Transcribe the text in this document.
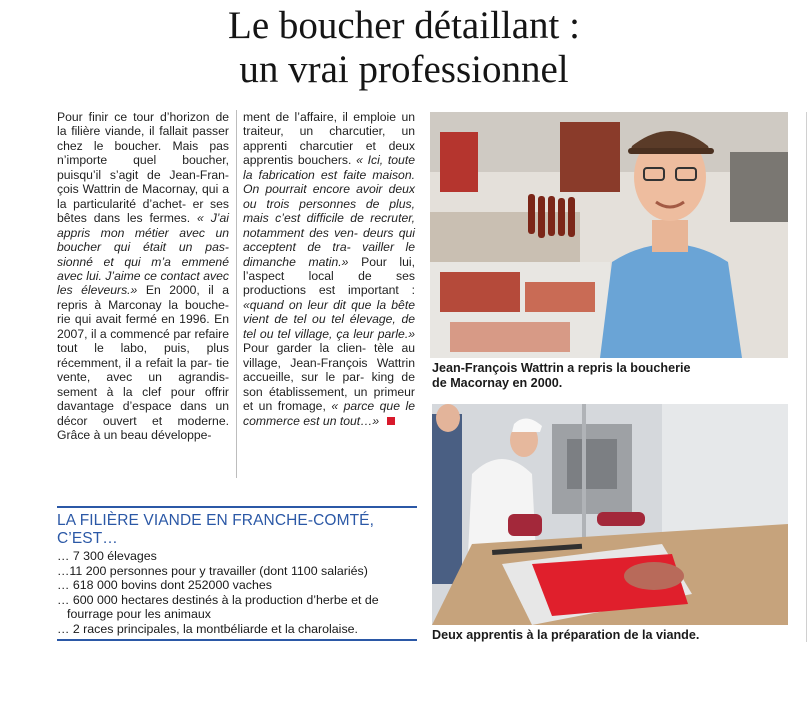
Le boucher détaillant :
un vrai professionnel

Pour finir ce tour d’horizon de la filière viande, il fallait passer chez le boucher. Mais pas n’importe quel boucher, puisqu’il s’agit de Jean-Fran- çois Wattrin de Macornay, qui a la particularité d’achet- er ses bêtes dans les fermes. « J’ai appris mon métier avec un boucher qui était un pas- sionné et qui m’a emmené avec lui. J’aime ce contact avec les éleveurs.» En 2000, il a repris à Marconay la bouche- rie qui avait fermé en 1996. En 2007, il a commencé par refaire tout le labo, puis, plus récemment, il a refait la par- tie vente, avec un agrandis- sement à la clef pour offrir davantage d’espace dans un décor ouvert et moderne. Grâce à un beau développe-

ment de l’affaire, il emploie un traiteur, un charcutier, un apprenti charcutier et deux apprentis bouchers. « Ici, toute la fabrication est faite maison. On pourrait encore avoir deux ou trois personnes de plus, mais c’est difficile de recruter, notamment des ven- deurs qui acceptent de tra- vailler le dimanche matin.» Pour lui, l’aspect local de ses productions est important : «quand on leur dit que la bête vient de tel ou tel élevage, de tel ou tel village, ça leur parle.» Pour garder la clien- tèle au village, Jean-François Wattrin accueille, sur le par- king de son établissement, un primeur et un fromage, « parce que le commerce est un tout…»

Jean-François Wattrin a repris la boucherie
de Macornay en 2000.
Deux apprentis à la préparation de la viande.
LA FILIÈRE VIANDE EN FRANCHE-COMTÉ,
C’EST…
… 7 300 élevages
…11 200 personnes pour y travailler (dont 1100 salariés)
… 618 000 bovins dont 252000 vaches
… 600 000 hectares destinés à la production d’herbe et de
fourrage pour les animaux
… 2 races principales, la montbéliarde et la charolaise.
